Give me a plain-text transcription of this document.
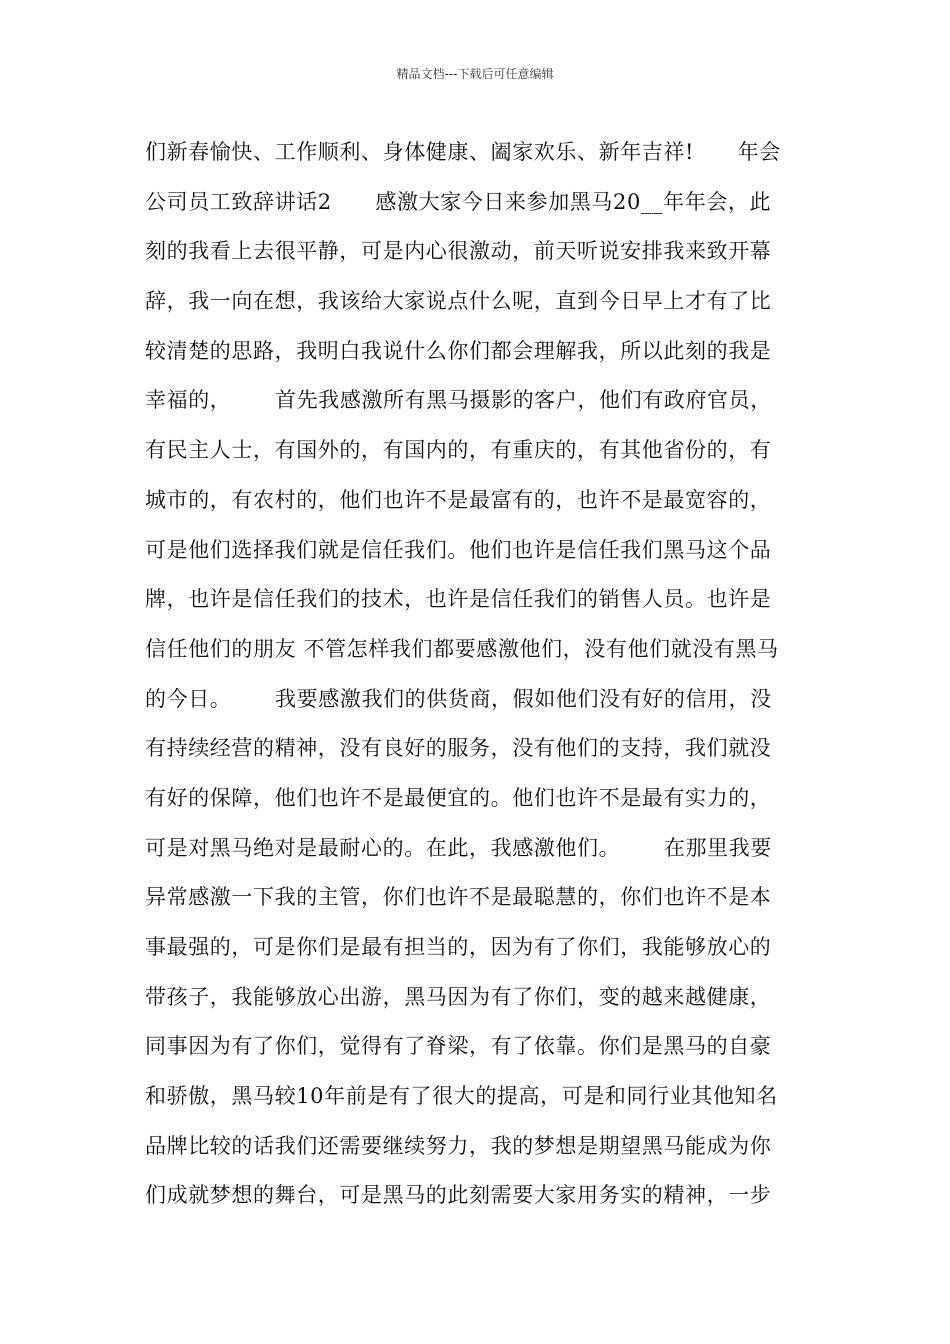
精品文档---下载后可任意编辑
们新春愉快、工作顺利、身体健康、阖家欢乐、新年吉祥!      年会
公司员工致辞讲话2      感激大家今日来参加黑马20__年年会，此
刻的我看上去很平静，可是内心很激动，前天听说安排我来致开幕
辞，我一向在想，我该给大家说点什么呢，直到今日早上才有了比
较清楚的思路，我明白我说什么你们都会理解我，所以此刻的我是
幸福的，      首先我感激所有黑马摄影的客户，他们有政府官员，
有民主人士，有国外的，有国内的，有重庆的，有其他省份的，有
城市的，有农村的，他们也许不是最富有的，也许不是最宽容的，
可是他们选择我们就是信任我们。他们也许是信任我们黑马这个品
牌，也许是信任我们的技术，也许是信任我们的销售人员。也许是
信任他们的朋友 不管怎样我们都要感激他们，没有他们就没有黑马
的今日。      我要感激我们的供货商，假如他们没有好的信用，没
有持续经营的精神，没有良好的服务，没有他们的支持，我们就没
有好的保障，他们也许不是最便宜的。他们也许不是最有实力的，
可是对黑马绝对是最耐心的。在此，我感激他们。      在那里我要
异常感激一下我的主管，你们也许不是最聪慧的，你们也许不是本
事最强的，可是你们是最有担当的，因为有了你们，我能够放心的
带孩子，我能够放心出游，黑马因为有了你们，变的越来越健康，
同事因为有了你们，觉得有了脊梁，有了依靠。你们是黑马的自豪
和骄傲，黑马较10年前是有了很大的提高，可是和同行业其他知名
品牌比较的话我们还需要继续努力，我的梦想是期望黑马能成为你
们成就梦想的舞台，可是黑马的此刻需要大家用务实的精神，一步
